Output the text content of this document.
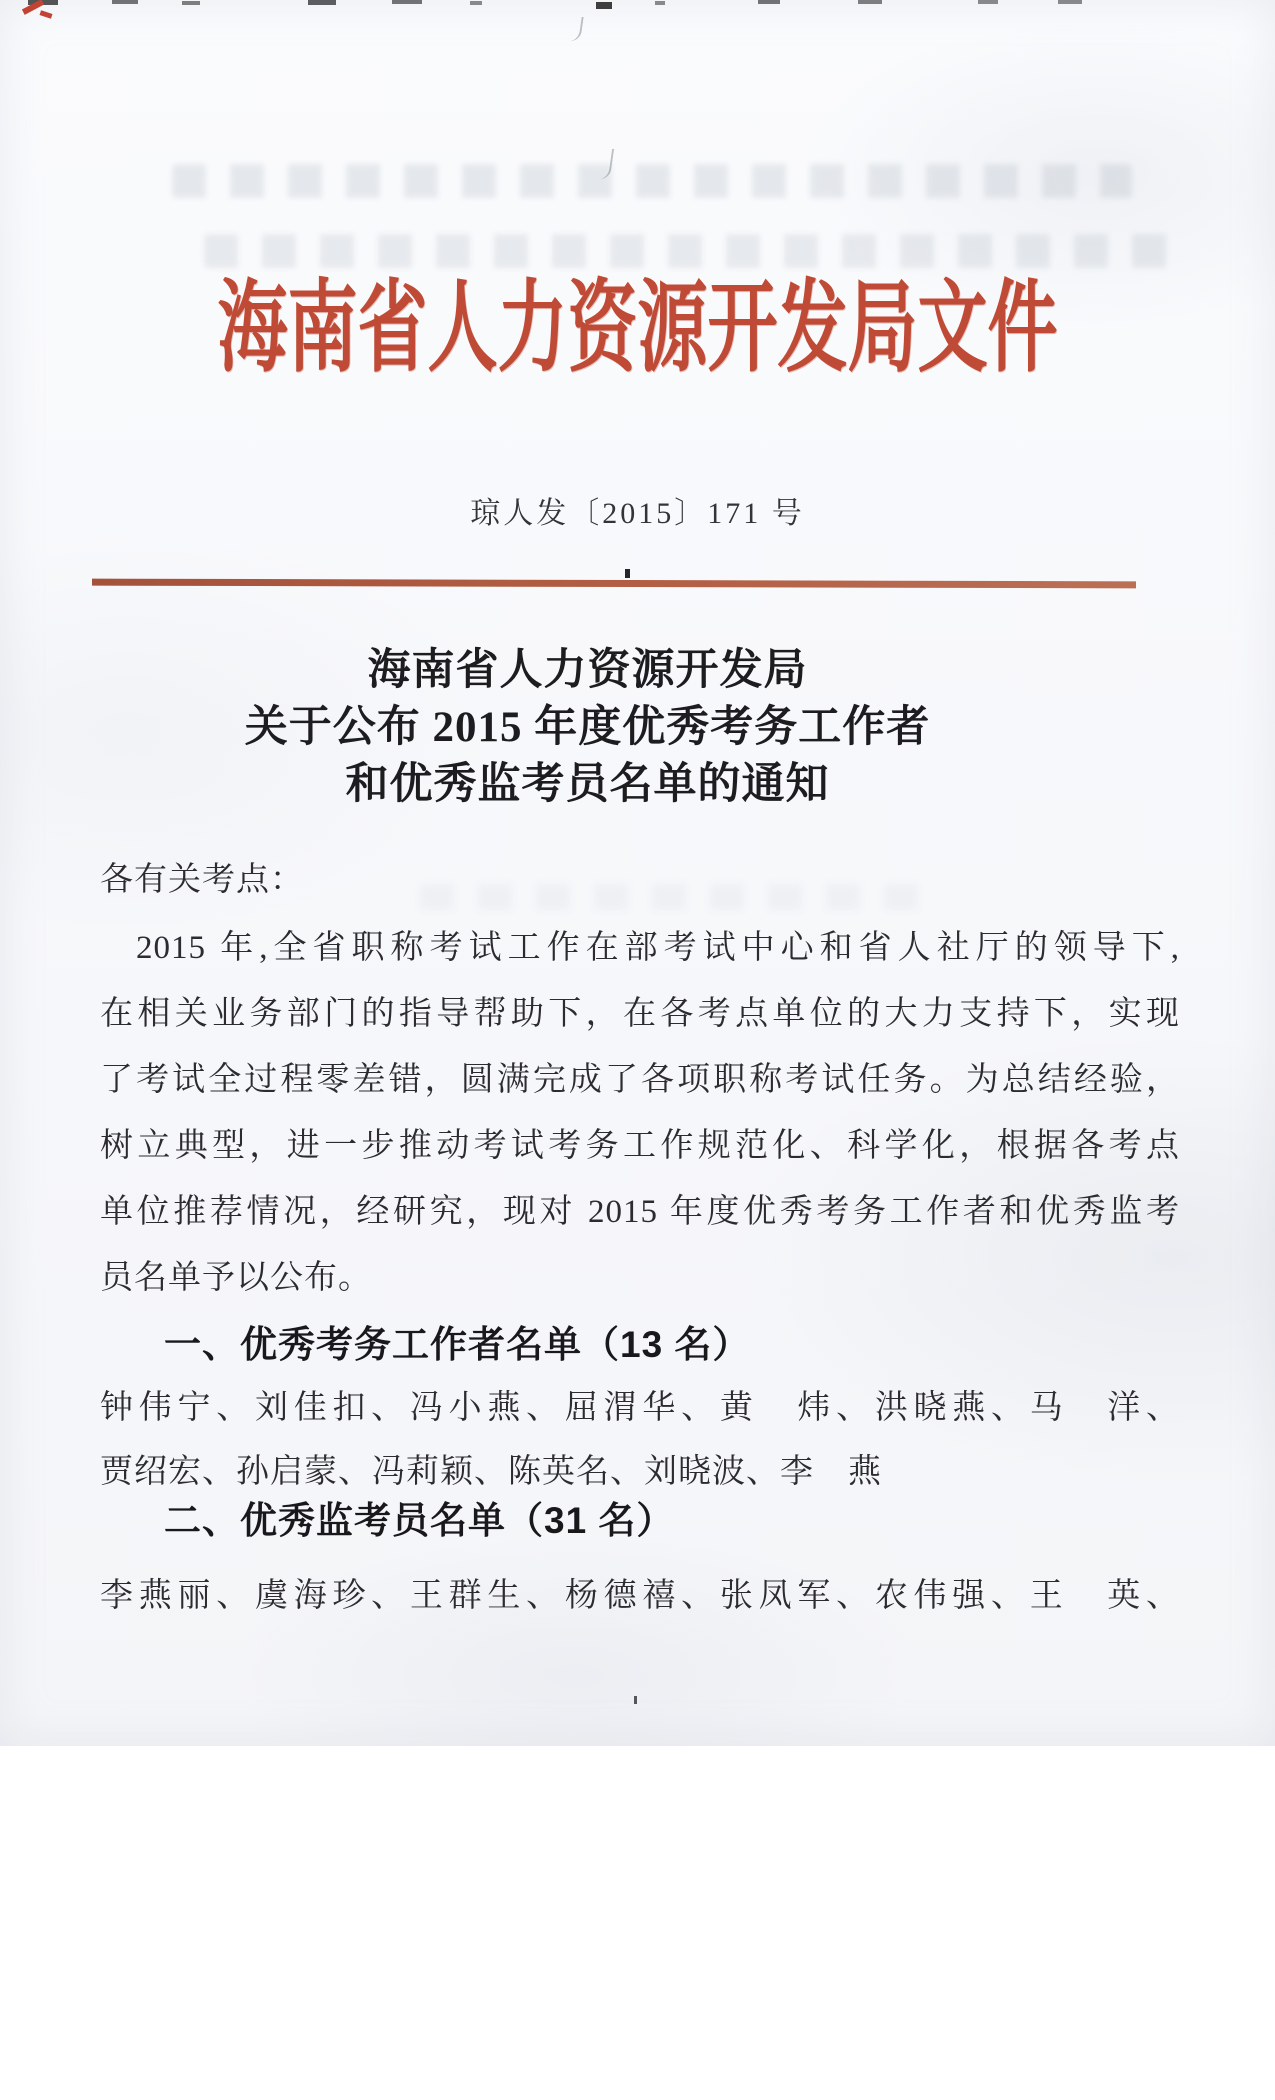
海南省人力资源开发局文件
琼人发〔2015〕171 号
海南省人力资源开发局
关于公布 2015 年度优秀考务工作者
和优秀监考员名单的通知
各有关考点：
2015 年,全省职称考试工作在部考试中心和省人社厅的领导下,
在相关业务部门的指导帮助下，在各考点单位的大力支持下，实现
了考试全过程零差错，圆满完成了各项职称考试任务。为总结经验，
树立典型，进一步推动考试考务工作规范化、科学化，根据各考点
单位推荐情况，经研究，现对 2015 年度优秀考务工作者和优秀监考
员名单予以公布。
一、优秀考务工作者名单（13 名）
钟伟宁、刘佳扣、冯小燕、屈渭华、黄　炜、洪晓燕、马　洋、
贾绍宏、孙启蒙、冯莉颖、陈英名、刘晓波、李　燕
二、优秀监考员名单（31 名）
李燕丽、虞海珍、王群生、杨德禧、张凤军、农伟强、王　英、
